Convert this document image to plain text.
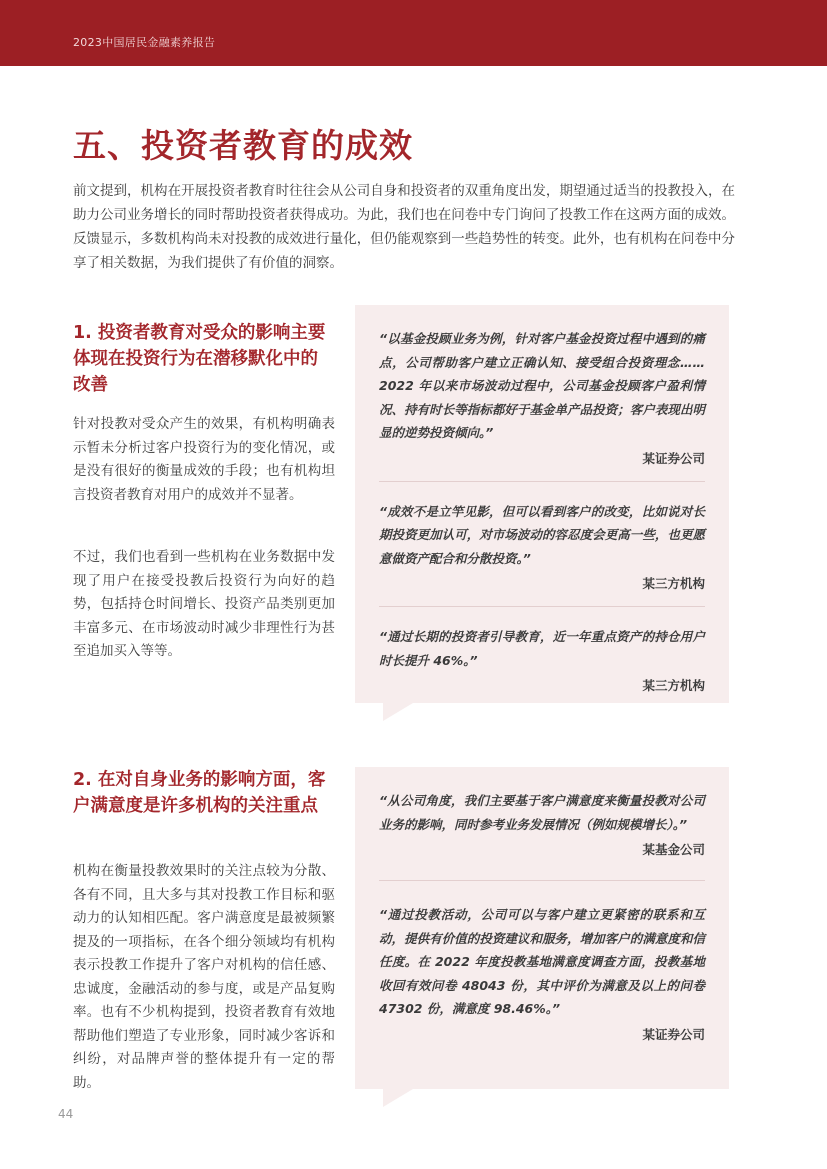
2023中国居民金融素养报告
五、投资者教育的成效

前文提到，机构在开展投资者教育时往往会从公司自身和投资者的双重角度出发，期望通过适当的投教投入，在助力公司业务增长的同时帮助投资者获得成功。为此，我们也在问卷中专门询问了投教工作在这两方面的成效。反馈显示，多数机构尚未对投教的成效进行量化，但仍能观察到一些趋势性的转变。此外，也有机构在问卷中分享了相关数据，为我们提供了有价值的洞察。

1. 投资者教育对受众的影响主要体现在投资行为在潜移默化中的改善

针对投教对受众产生的效果，有机构明确表示暂未分析过客户投资行为的变化情况，或是没有很好的衡量成效的手段；也有机构坦言投资者教育对用户的成效并不显著。

不过，我们也看到一些机构在业务数据中发现了用户在接受投教后投资行为向好的趋势，包括持仓时间增长、投资产品类别更加丰富多元、在市场波动时减少非理性行为甚至追加买入等等。

“以基金投顾业务为例，针对客户基金投资过程中遇到的痛点，公司帮助客户建立正确认知、接受组合投资理念……2022 年以来市场波动过程中，公司基金投顾客户盈利情况、持有时长等指标都好于基金单产品投资；客户表现出明显的逆势投资倾向。”

某证券公司

“成效不是立竿见影，但可以看到客户的改变，比如说对长期投资更加认可，对市场波动的容忍度会更高一些，也更愿意做资产配合和分散投资。”

某三方机构

“通过长期的投资者引导教育，近一年重点资产的持仓用户时长提升 46%。”

某三方机构

2. 在对自身业务的影响方面，客户满意度是许多机构的关注重点

机构在衡量投教效果时的关注点较为分散、各有不同，且大多与其对投教工作目标和驱动力的认知相匹配。客户满意度是最被频繁提及的一项指标，在各个细分领域均有机构表示投教工作提升了客户对机构的信任感、忠诚度，金融活动的参与度，或是产品复购率。也有不少机构提到，投资者教育有效地帮助他们塑造了专业形象，同时减少客诉和纠纷，对品牌声誉的整体提升有一定的帮助。

“从公司角度，我们主要基于客户满意度来衡量投教对公司业务的影响，同时参考业务发展情况（例如规模增长）。”

某基金公司

“通过投教活动，公司可以与客户建立更紧密的联系和互动，提供有价值的投资建议和服务，增加客户的满意度和信任度。在 2022 年度投教基地满意度调查方面，投教基地收回有效问卷 48043 份，其中评价为满意及以上的问卷 47302 份，满意度 98.46%。”

某证券公司

44
